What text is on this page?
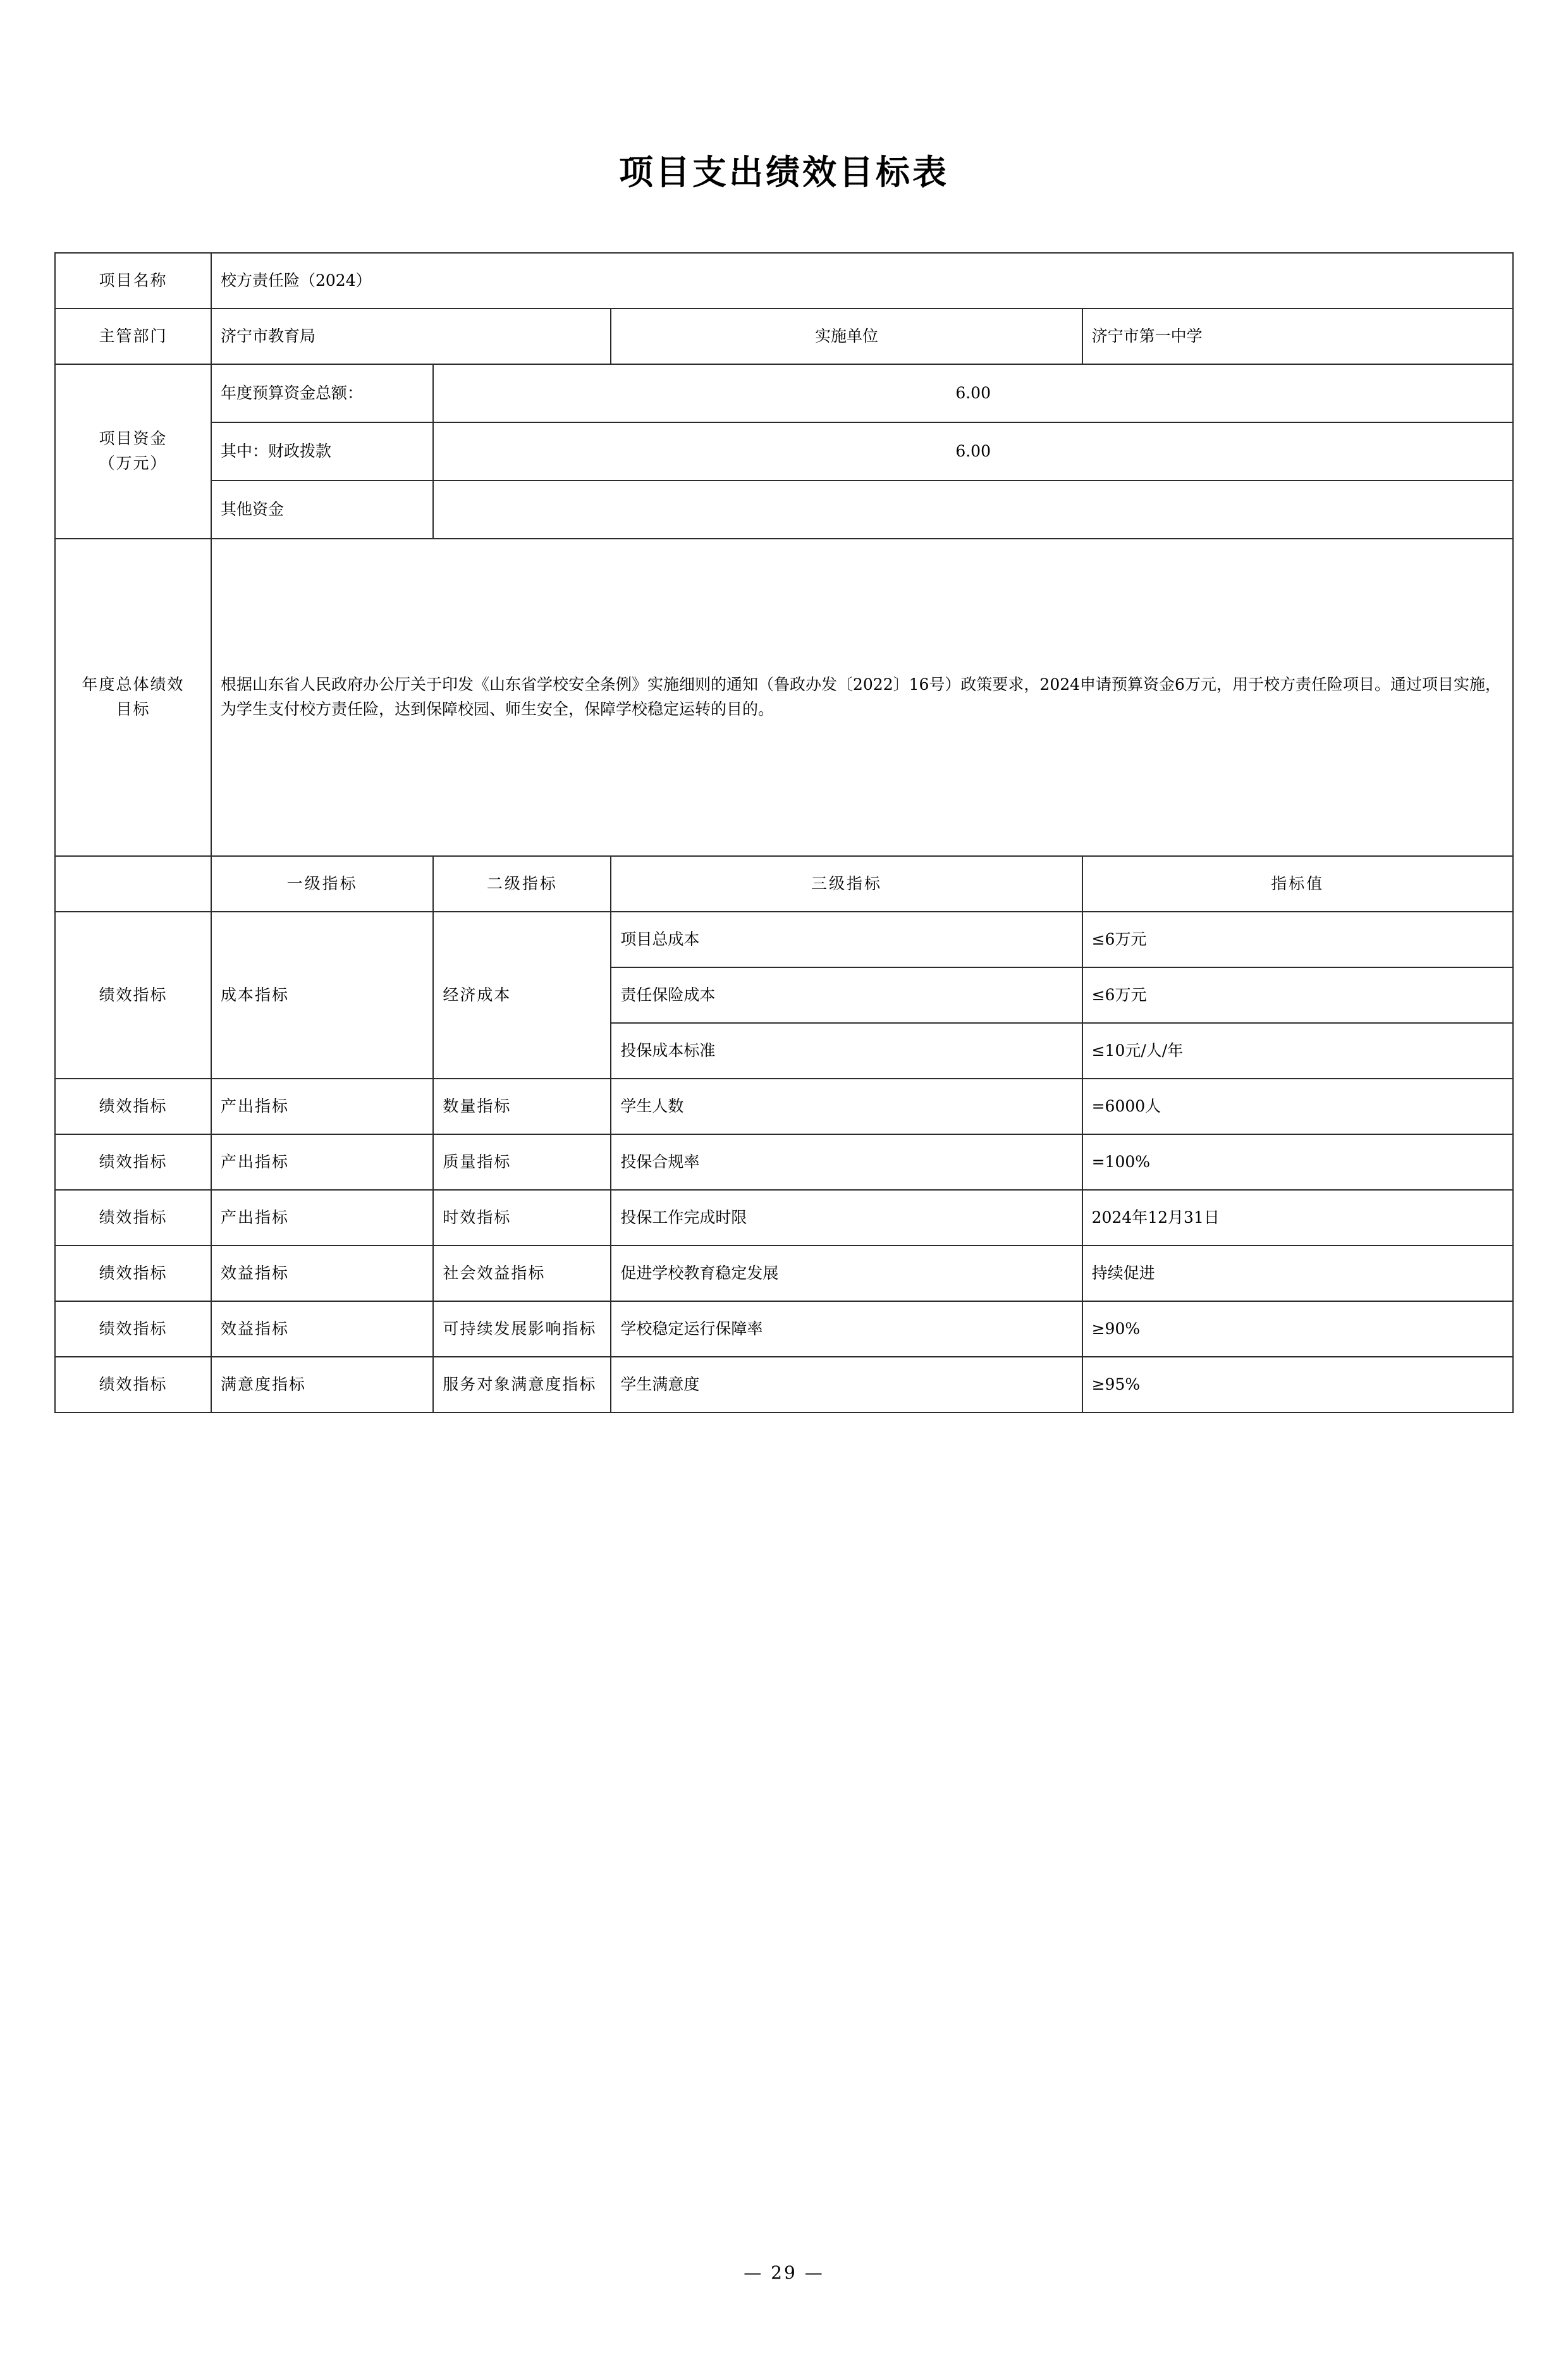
项目支出绩效目标表
项目名称	校方责任险（2024）			
主管部门	济宁市教育局		实施单位	济宁市第一中学

项目资金
（万元）	年度预算资金总额：	6.00		
	其中：财政拨款	6.00		
	其他资金			

年度总体绩效
目标	根据山东省人民政府办公厅关于印发《山东省学校安全条例》实施细则的通知（鲁政办发〔2022〕16号）政策要求，2024申请预算资金6万元，用于校方责任险项目。通过项目实施，为学生支付校方责任险，达到保障校园、师生安全，保障学校稳定运转的目的。			
	一级指标	二级指标	三级指标	指标值
绩效指标	成本指标	经济成本	项目总成本	≤6万元
			责任保险成本	≤6万元
			投保成本标准	≤10元/人/年
绩效指标	产出指标	数量指标	学生人数	=6000人
绩效指标	产出指标	质量指标	投保合规率	=100%
绩效指标	产出指标	时效指标	投保工作完成时限	2024年12月31日
绩效指标	效益指标	社会效益指标	促进学校教育稳定发展	持续促进
绩效指标	效益指标	可持续发展影响指标	学校稳定运行保障率	≥90%
绩效指标	满意度指标	服务对象满意度指标	学生满意度	≥95%
— 29 —
